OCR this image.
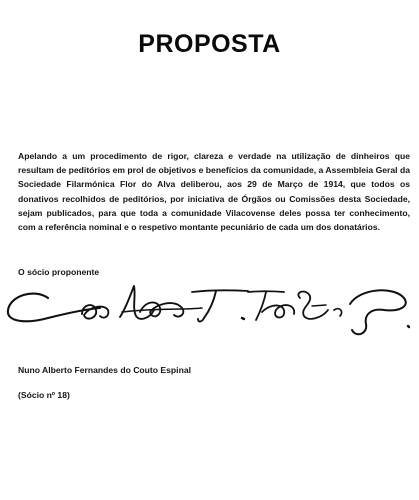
PROPOSTA

Apelando a um procedimento de rigor, clareza e verdade na utilização de dinheiros que resultam de peditórios em prol de objetivos e benefícios da comunidade, a Assembleia Geral da Sociedade Filarmónica Flor do Alva deliberou, aos 29 de Março de 1914, que todos os donativos recolhidos de peditórios, por iniciativa de Órgãos ou Comissões desta Sociedade, sejam publicados, para que toda a comunidade Vilacovense deles possa ter conhecimento, com a referência nominal e o respetivo montante pecuniário de cada um dos donatários.

O sócio proponente

Nuno Alberto Fernandes do Couto Espinal

(Sócio nº 18)
